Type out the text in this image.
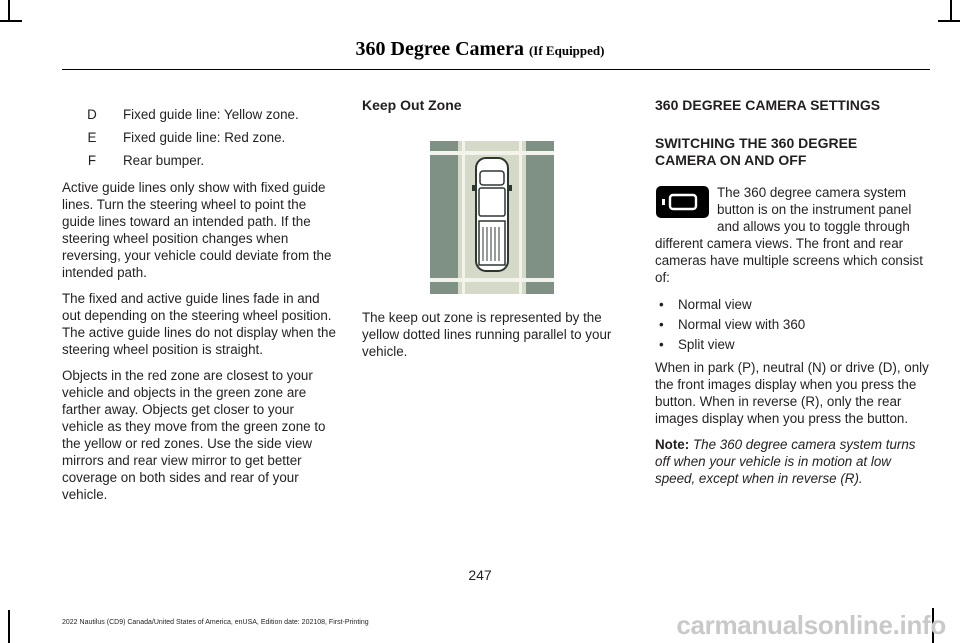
360 Degree Camera (If Equipped)
D Fixed guide line: Yellow zone.
E Fixed guide line: Red zone.
F Rear bumper.

Active guide lines only show with fixed guide lines. Turn the steering wheel to point the guide lines toward an intended path. If the steering wheel position changes when reversing, your vehicle could deviate from the intended path.

The fixed and active guide lines fade in and out depending on the steering wheel position. The active guide lines do not display when the steering wheel position is straight.

Objects in the red zone are closest to your vehicle and objects in the green zone are farther away. Objects get closer to your vehicle as they move from the green zone to the yellow or red zones. Use the side view mirrors and rear view mirror to get better coverage on both sides and rear of your vehicle.

Keep Out Zone

The keep out zone is represented by the yellow dotted lines running parallel to your vehicle.

360 DEGREE CAMERA SETTINGS

SWITCHING THE 360 DEGREE
CAMERA ON AND OFF

The 360 degree camera system
button is on the instrument panel
and allows you to toggle through

different camera views. The front and rear cameras have multiple screens which consist of:

• Normal view
• Normal view with 360
• Split view

When in park (P), neutral (N) or drive (D), only the front images display when you press the button. When in reverse (R), only the rear images display when you press the button.

Note: The 360 degree camera system turns off when your vehicle is in motion at low speed, except when in reverse (R).

247
2022 Nautilus (CD9) Canada/United States of America, enUSA, Edition date: 202108, First-Printing	carmanualsonline.info
